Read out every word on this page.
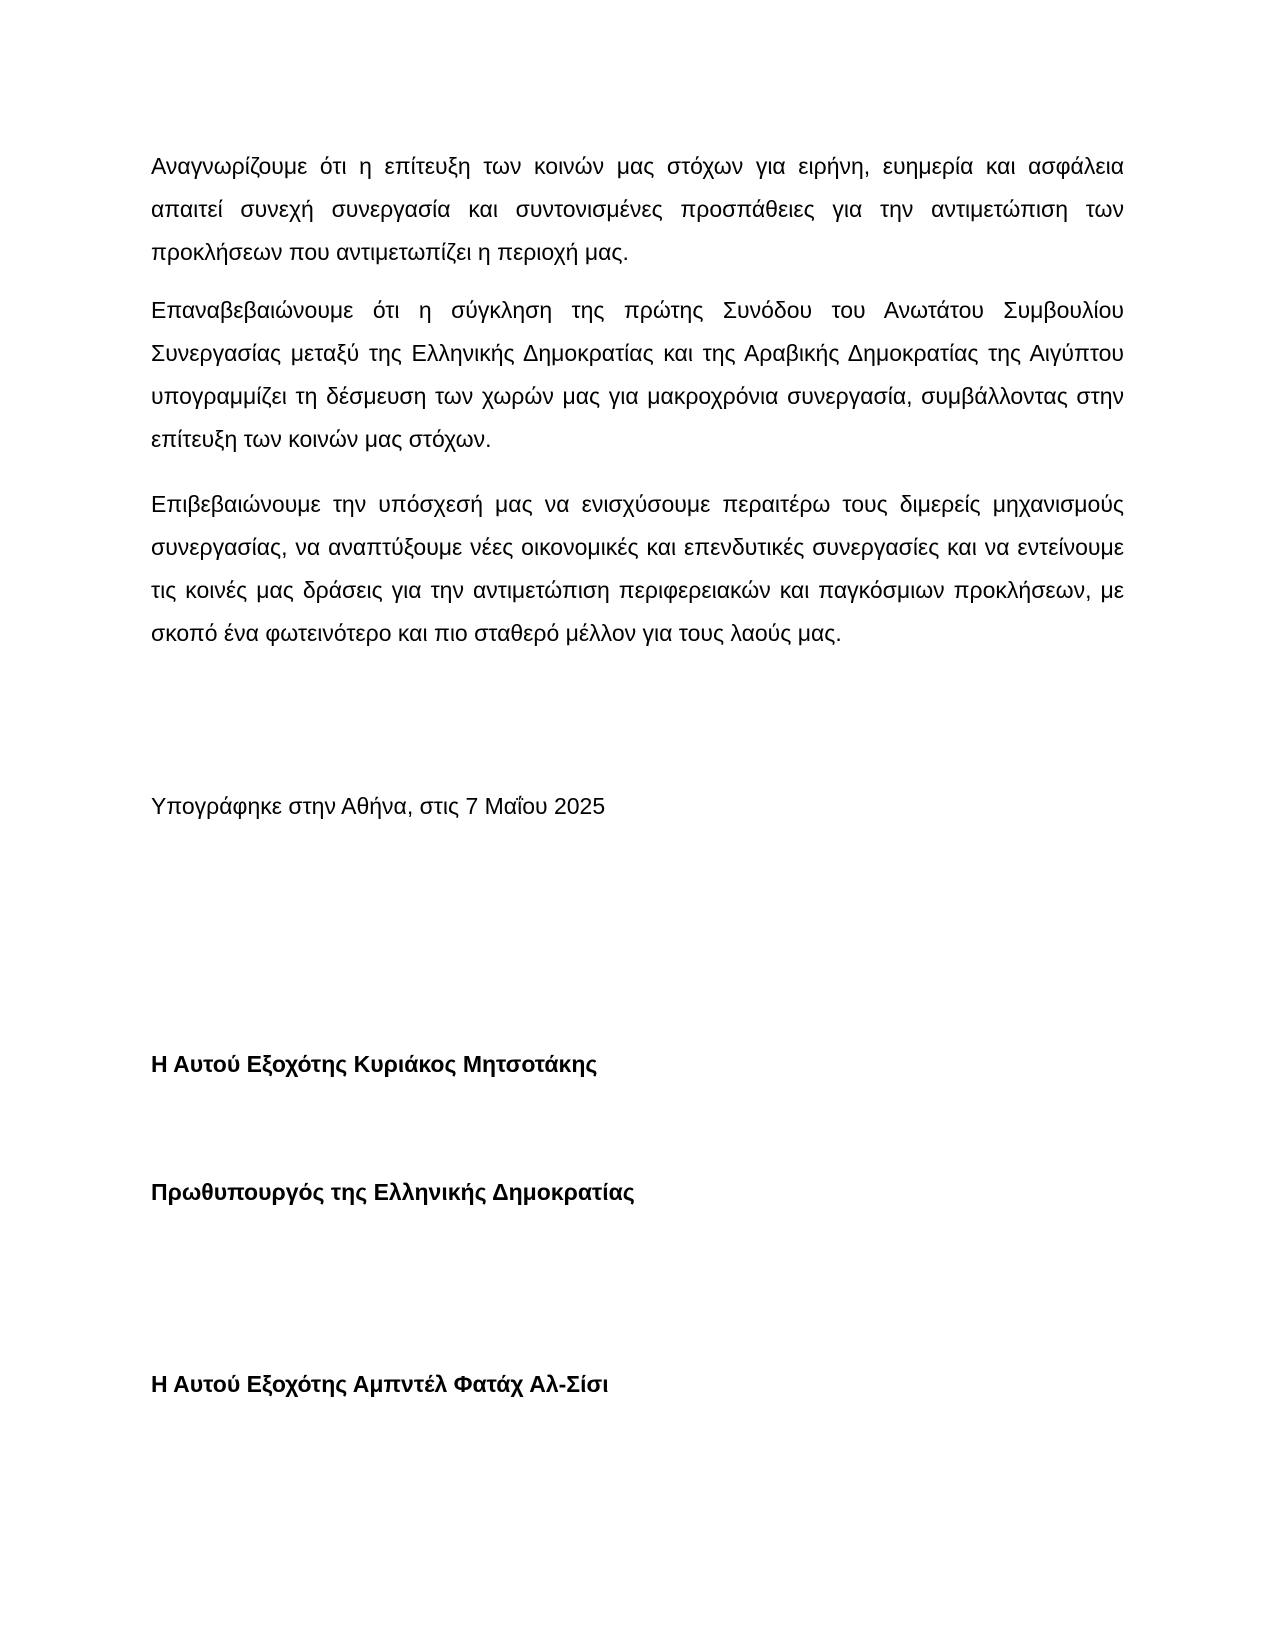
Αναγνωρίζουμε ότι η επίτευξη των κοινών μας στόχων για ειρήνη, ευημερία και ασφάλεια απαιτεί συνεχή συνεργασία και συντονισμένες προσπάθειες για την αντιμετώπιση των προκλήσεων που αντιμετωπίζει η περιοχή μας.

Επαναβεβαιώνουμε ότι η σύγκληση της πρώτης Συνόδου του Ανωτάτου Συμβουλίου Συνεργασίας μεταξύ της Ελληνικής Δημοκρατίας και της Αραβικής Δημοκρατίας της Αιγύπτου υπογραμμίζει τη δέσμευση των χωρών μας για μακροχρόνια συνεργασία, συμβάλλοντας στην επίτευξη των κοινών μας στόχων.

Επιβεβαιώνουμε την υπόσχεσή μας να ενισχύσουμε περαιτέρω τους διμερείς μηχανισμούς συνεργασίας, να αναπτύξουμε νέες οικονομικές και επενδυτικές συνεργασίες και να εντείνουμε τις κοινές μας δράσεις για την αντιμετώπιση περιφερειακών και παγκόσμιων προκλήσεων, με σκοπό ένα φωτεινότερο και πιο σταθερό μέλλον για τους λαούς μας.

Υπογράφηκε στην Αθήνα, στις 7 Μαΐου 2025

Η Αυτού Εξοχότης Κυριάκος Μητσοτάκης

Πρωθυπουργός της Ελληνικής Δημοκρατίας

Η Αυτού Εξοχότης Αμπντέλ Φατάχ Αλ-Σίσι
